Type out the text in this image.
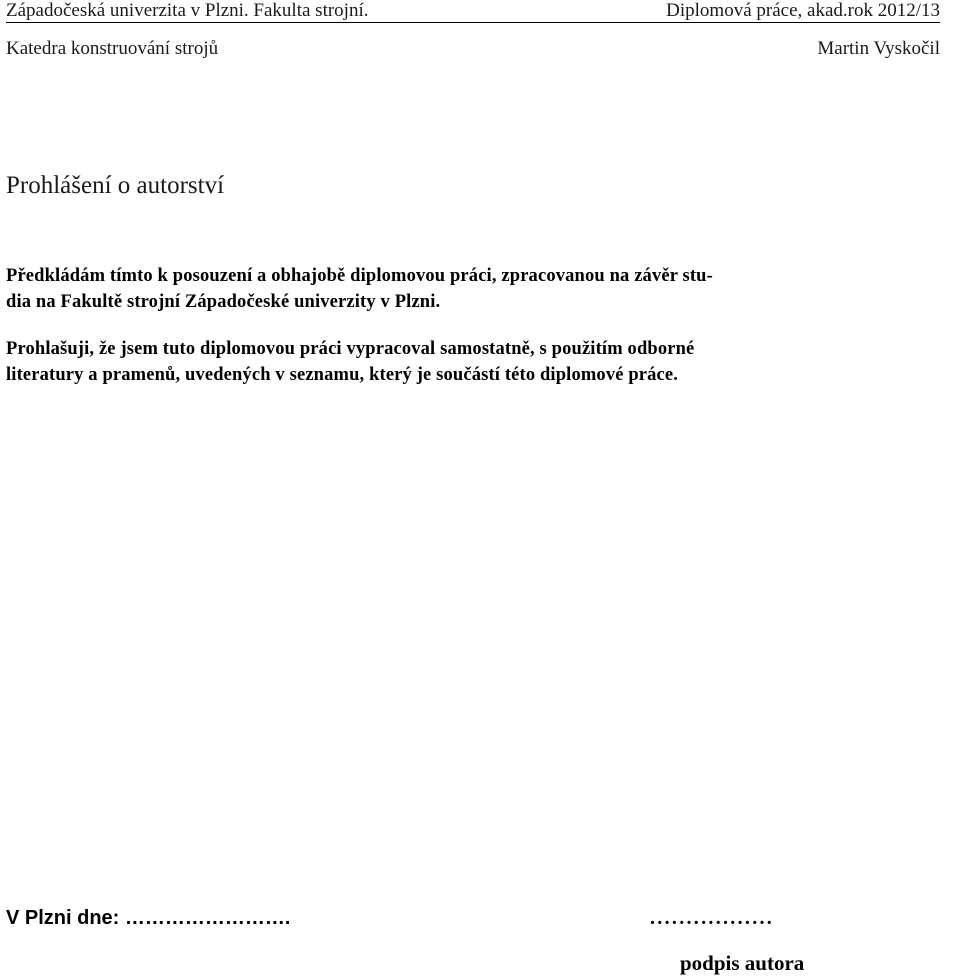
Západočeská univerzita v Plzni. Fakulta strojní.	Diplomová práce, akad.rok 2012/13
Katedra konstruování strojů	Martin Vyskočil
Prohlášení o autorství
Předkládám tímto k posouzení a obhajobě diplomovou práci, zpracovanou na závěr stu-
dia na Fakultě strojní Západočeské univerzity v Plzni.
Prohlašuji, že jsem tuto diplomovou práci vypracoval samostatně, s použitím odborné
literatury a pramenů, uvedených v seznamu, který je součástí této diplomové práce.
V Plzni dne: …………………….	.................
podpis autora
